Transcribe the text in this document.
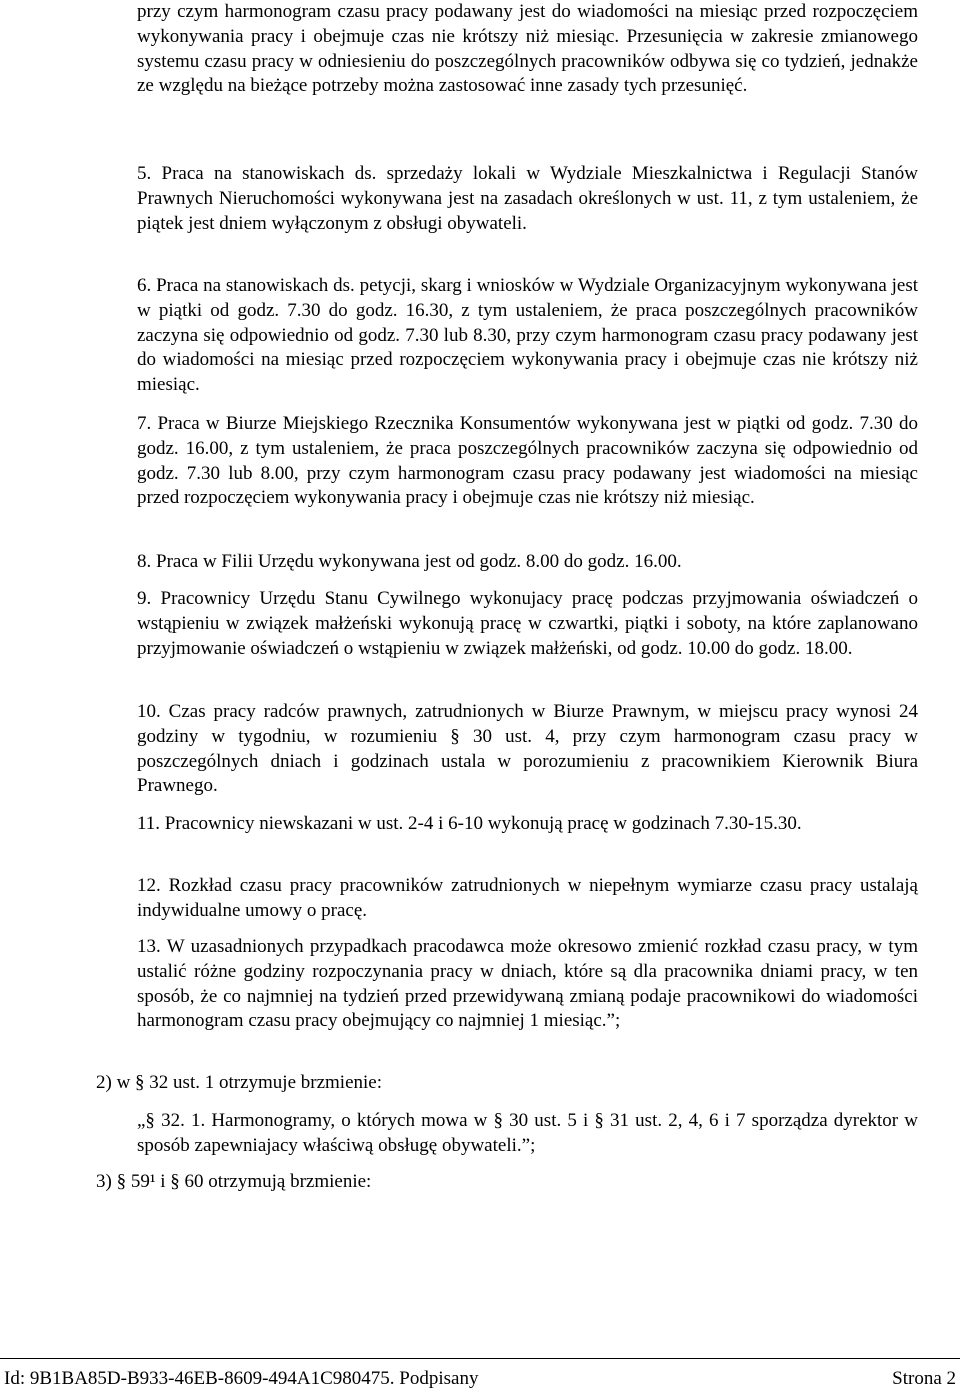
przy czym harmonogram czasu pracy podawany jest do wiadomości na miesiąc przed rozpoczęciem wykonywania pracy i obejmuje czas nie krótszy niż miesiąc. Przesunięcia w zakresie zmianowego systemu czasu pracy w odniesieniu do poszczególnych pracowników odbywa się co tydzień, jednakże ze względu na bieżące potrzeby można zastosować inne zasady tych przesunięć.

5. Praca na stanowiskach ds. sprzedaży lokali w Wydziale Mieszkalnictwa i Regulacji Stanów Prawnych Nieruchomości wykonywana jest na zasadach określonych w ust. 11, z tym ustaleniem, że piątek jest dniem wyłączonym z obsługi obywateli.

6. Praca na stanowiskach ds. petycji, skarg i wniosków w Wydziale Organizacyjnym wykonywana jest w piątki od godz. 7.30 do godz. 16.30, z tym ustaleniem, że praca poszczególnych pracowników zaczyna się odpowiednio od godz. 7.30 lub 8.30, przy czym harmonogram czasu pracy podawany jest do wiadomości na miesiąc przed rozpoczęciem wykonywania pracy i obejmuje czas nie krótszy niż miesiąc.

7. Praca w Biurze Miejskiego Rzecznika Konsumentów wykonywana jest w piątki od godz. 7.30 do godz. 16.00, z tym ustaleniem, że praca poszczególnych pracowników zaczyna się odpowiednio od godz. 7.30 lub 8.00, przy czym harmonogram czasu pracy podawany jest wiadomości na miesiąc przed rozpoczęciem wykonywania pracy i obejmuje czas nie krótszy niż miesiąc.

8. Praca w Filii Urzędu wykonywana jest od godz. 8.00 do godz. 16.00.

9. Pracownicy Urzędu Stanu Cywilnego wykonujacy pracę podczas przyjmowania oświadczeń o wstąpieniu w związek małżeński wykonują pracę w czwartki, piątki i soboty, na które zaplanowano przyjmowanie oświadczeń o wstąpieniu w związek małżeński, od godz. 10.00 do godz. 18.00.

10. Czas pracy radców prawnych, zatrudnionych w Biurze Prawnym, w miejscu pracy wynosi 24 godziny w tygodniu, w rozumieniu § 30 ust. 4, przy czym harmonogram czasu pracy w poszczególnych dniach i godzinach ustala w porozumieniu z pracownikiem Kierownik Biura Prawnego.

11. Pracownicy niewskazani w ust. 2-4 i 6-10 wykonują pracę w godzinach 7.30-15.30.

12. Rozkład czasu pracy pracowników zatrudnionych w niepełnym wymiarze czasu pracy ustalają indywidualne umowy o pracę.

13. W uzasadnionych przypadkach pracodawca może okresowo zmienić rozkład czasu pracy, w tym ustalić różne godziny rozpoczynania pracy w dniach, które są dla pracownika dniami pracy, w ten sposób, że co najmniej na tydzień przed przewidywaną zmianą podaje pracownikowi do wiadomości harmonogram czasu pracy obejmujący co najmniej 1 miesiąc.”;

2) w § 32 ust. 1 otrzymuje brzmienie:

„§ 32. 1. Harmonogramy, o których mowa w § 30 ust. 5 i § 31 ust. 2, 4, 6 i 7 sporządza dyrektor w sposób zapewniajacy właściwą obsługę obywateli.”;

3) § 59¹ i § 60 otrzymują brzmienie:

Id: 9B1BA85D-B933-46EB-8609-494A1C980475. Podpisany	Strona 2
